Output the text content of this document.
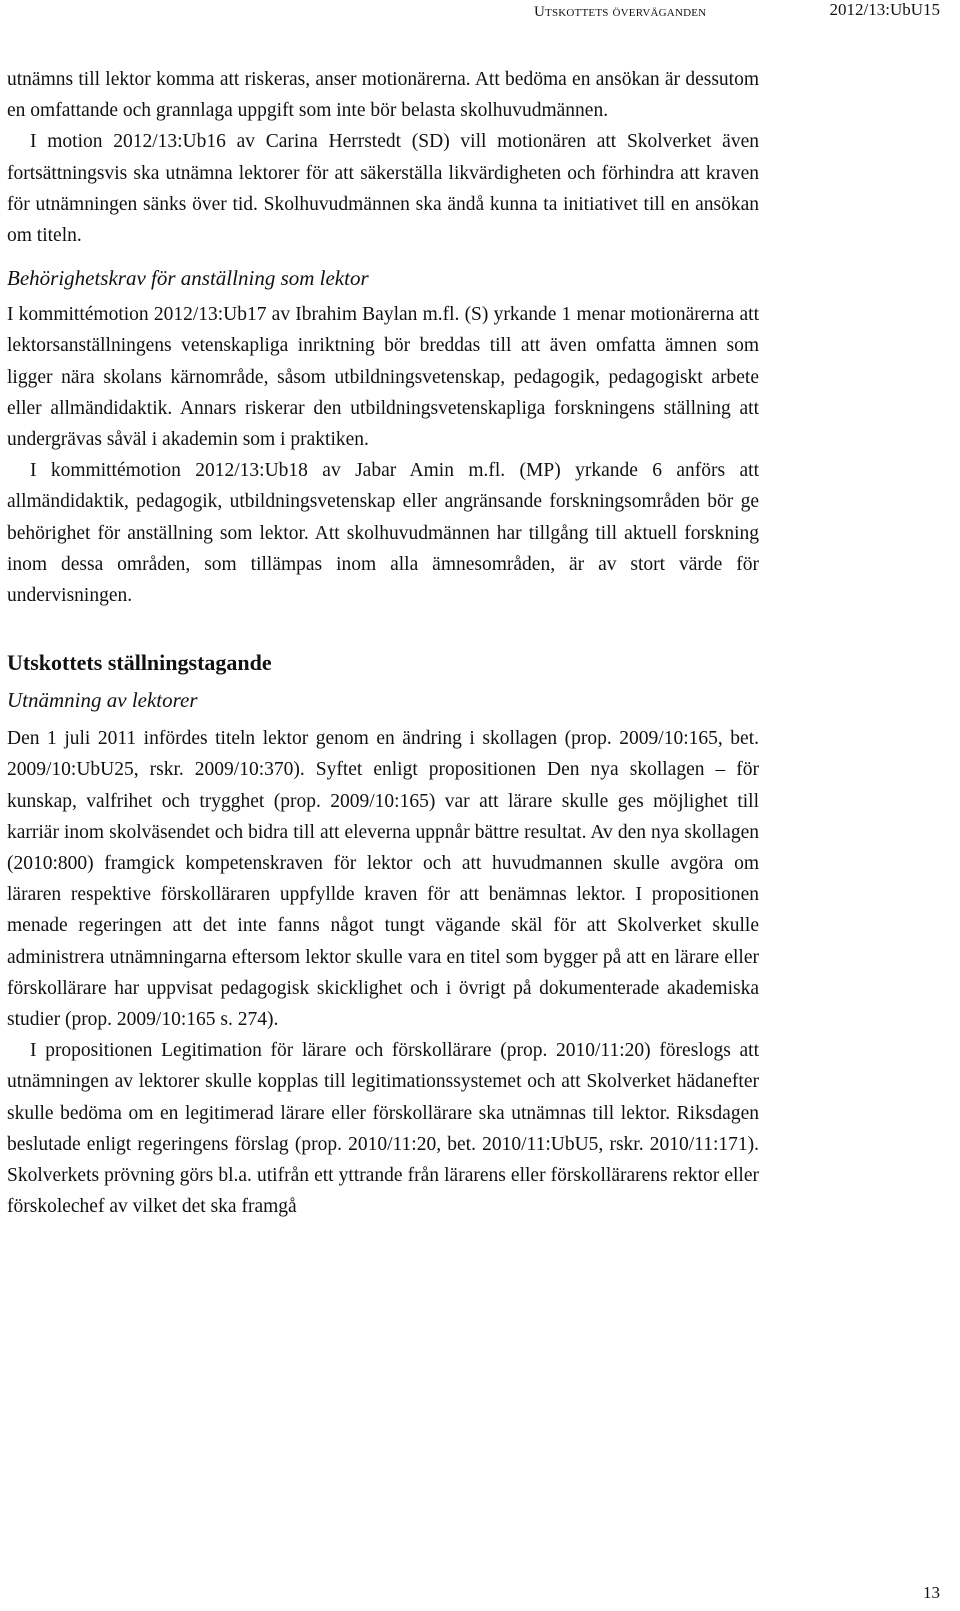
Utskottets överväganden	2012/13:UbU15

utnämns till lektor komma att riskeras, anser motionärerna. Att bedöma en ansökan är dessutom en omfattande och grannlaga uppgift som inte bör belasta skolhuvudmännen.

I motion 2012/13:Ub16 av Carina Herrstedt (SD) vill motionären att Skolverket även fortsättningsvis ska utnämna lektorer för att säkerställa likvärdigheten och förhindra att kraven för utnämningen sänks över tid. Skolhuvudmännen ska ändå kunna ta initiativet till en ansökan om titeln.

Behörighetskrav för anställning som lektor

I kommittémotion 2012/13:Ub17 av Ibrahim Baylan m.fl. (S) yrkande 1 menar motionärerna att lektorsanställningens vetenskapliga inriktning bör breddas till att även omfatta ämnen som ligger nära skolans kärnområde, såsom utbildningsvetenskap, pedagogik, pedagogiskt arbete eller allmändidaktik. Annars riskerar den utbildningsvetenskapliga forskningens ställning att undergrävas såväl i akademin som i praktiken.

I kommittémotion 2012/13:Ub18 av Jabar Amin m.fl. (MP) yrkande 6 anförs att allmändidaktik, pedagogik, utbildningsvetenskap eller angränsande forskningsområden bör ge behörighet för anställning som lektor. Att skolhuvudmännen har tillgång till aktuell forskning inom dessa områden, som tillämpas inom alla ämnesområden, är av stort värde för undervisningen.

Utskottets ställningstagande
Utnämning av lektorer

Den 1 juli 2011 infördes titeln lektor genom en ändring i skollagen (prop. 2009/10:165, bet. 2009/10:UbU25, rskr. 2009/10:370). Syftet enligt propositionen Den nya skollagen – för kunskap, valfrihet och trygghet (prop. 2009/10:165) var att lärare skulle ges möjlighet till karriär inom skolväsendet och bidra till att eleverna uppnår bättre resultat. Av den nya skollagen (2010:800) framgick kompetenskraven för lektor och att huvudmannen skulle avgöra om läraren respektive förskolläraren uppfyllde kraven för att benämnas lektor. I propositionen menade regeringen att det inte fanns något tungt vägande skäl för att Skolverket skulle administrera utnämningarna eftersom lektor skulle vara en titel som bygger på att en lärare eller förskollärare har uppvisat pedagogisk skicklighet och i övrigt på dokumenterade akademiska studier (prop. 2009/10:165 s. 274).

I propositionen Legitimation för lärare och förskollärare (prop. 2010/11:20) föreslogs att utnämningen av lektorer skulle kopplas till legitimationssystemet och att Skolverket hädanefter skulle bedöma om en legitimerad lärare eller förskollärare ska utnämnas till lektor. Riksdagen beslutade enligt regeringens förslag (prop. 2010/11:20, bet. 2010/11:UbU5, rskr. 2010/11:171). Skolverkets prövning görs bl.a. utifrån ett yttrande från lärarens eller förskollärarens rektor eller förskolechef av vilket det ska framgå

13
